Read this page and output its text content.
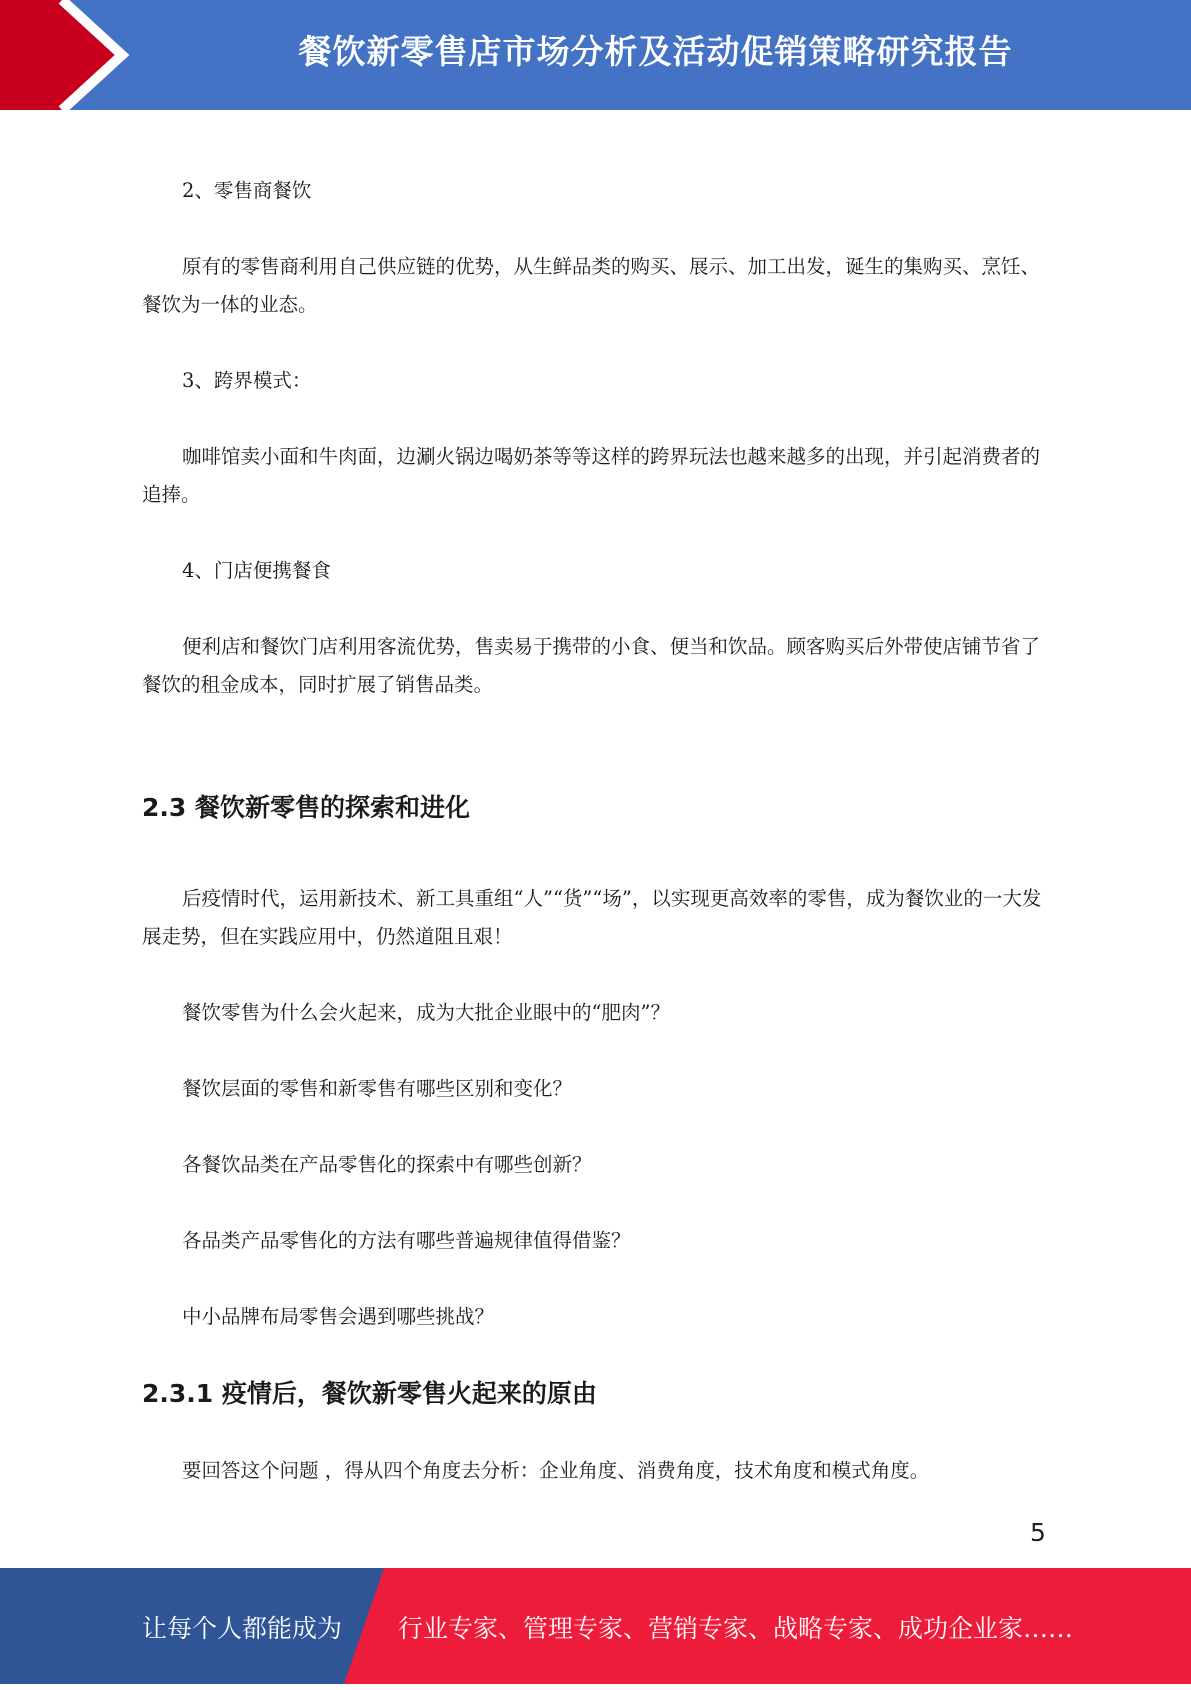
餐饮新零售店市场分析及活动促销策略研究报告

2、零售商餐饮

原有的零售商利用自己供应链的优势，从生鲜品类的购买、展示、加工出发，诞生的集购买、烹饪、餐饮为一体的业态。

3、跨界模式：

咖啡馆卖小面和牛肉面，边涮火锅边喝奶茶等等这样的跨界玩法也越来越多的出现，并引起消费者的追捧。

4、门店便携餐食

便利店和餐饮门店利用客流优势，售卖易于携带的小食、便当和饮品。顾客购买后外带使店铺节省了餐饮的租金成本，同时扩展了销售品类。

2.3 餐饮新零售的探索和进化

后疫情时代，运用新技术、新工具重组“人”“货”“场”，以实现更高效率的零售，成为餐饮业的一大发展走势，但在实践应用中，仍然道阻且艰！

餐饮零售为什么会火起来，成为大批企业眼中的“肥肉”？

餐饮层面的零售和新零售有哪些区别和变化？

各餐饮品类在产品零售化的探索中有哪些创新？

各品类产品零售化的方法有哪些普遍规律值得借鉴？

中小品牌布局零售会遇到哪些挑战？

2.3.1 疫情后，餐饮新零售火起来的原由

要回答这个问题 ，得从四个角度去分析：企业角度、消费角度，技术角度和模式角度。

5
让每个人都能成为 行业专家、管理专家、营销专家、战略专家、成功企业家……
